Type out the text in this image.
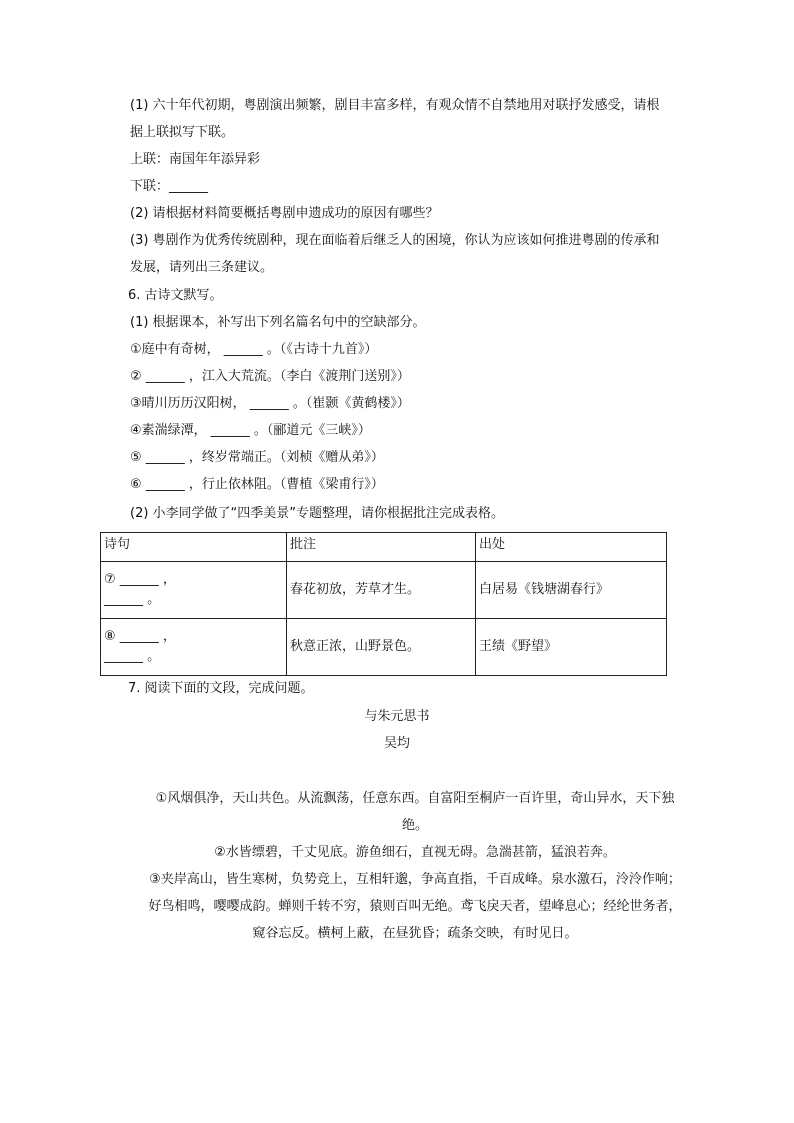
(1) 六十年代初期，粤剧演出频繁，剧目丰富多样，有观众情不自禁地用对联抒发感受，请根
据上联拟写下联。
上联：南国年年添异彩
下联：______
(2) 请根据材料简要概括粤剧申遗成功的原因有哪些？
(3) 粤剧作为优秀传统剧种，现在面临着后继乏人的困境，你认为应该如何推进粤剧的传承和
发展，请列出三条建议。
6. 古诗文默写。
(1) 根据课本，补写出下列名篇名句中的空缺部分。
①庭中有奇树， ______ 。（《古诗十九首》）
② ______ ，江入大荒流。（李白《渡荆门送别》）
③晴川历历汉阳树， ______ 。（崔颢《黄鹤楼》）
④素湍绿潭， ______ 。（郦道元《三峡》）
⑤ ______ ，终岁常端正。（刘桢《赠从弟》）
⑥ ______ ，行止依林阻。（曹植《梁甫行》）
(2) 小李同学做了“四季美景”专题整理，请你根据批注完成表格。
诗句	批注	出处

⑦ ______ ，
______ 。	春花初放，芳草才生。	白居易《钱塘湖春行》

⑧ ______ ，
______ 。	秋意正浓，山野景色。	王绩《野望》
7. 阅读下面的文段，完成问题。
与朱元思书
吴均
①风烟俱净，天山共色。从流飘荡，任意东西。自富阳至桐庐一百许里，奇山异水，天下独
绝。
②水皆缥碧，千丈见底。游鱼细石，直视无碍。急湍甚箭，猛浪若奔。
③夹岸高山，皆生寒树，负势竞上，互相轩邈，争高直指，千百成峰。泉水激石，泠泠作响；
好鸟相鸣，嘤嘤成韵。蝉则千转不穷，猿则百叫无绝。鸢飞戾天者，望峰息心；经纶世务者，
窥谷忘反。横柯上蔽，在昼犹昏；疏条交映，有时见日。
